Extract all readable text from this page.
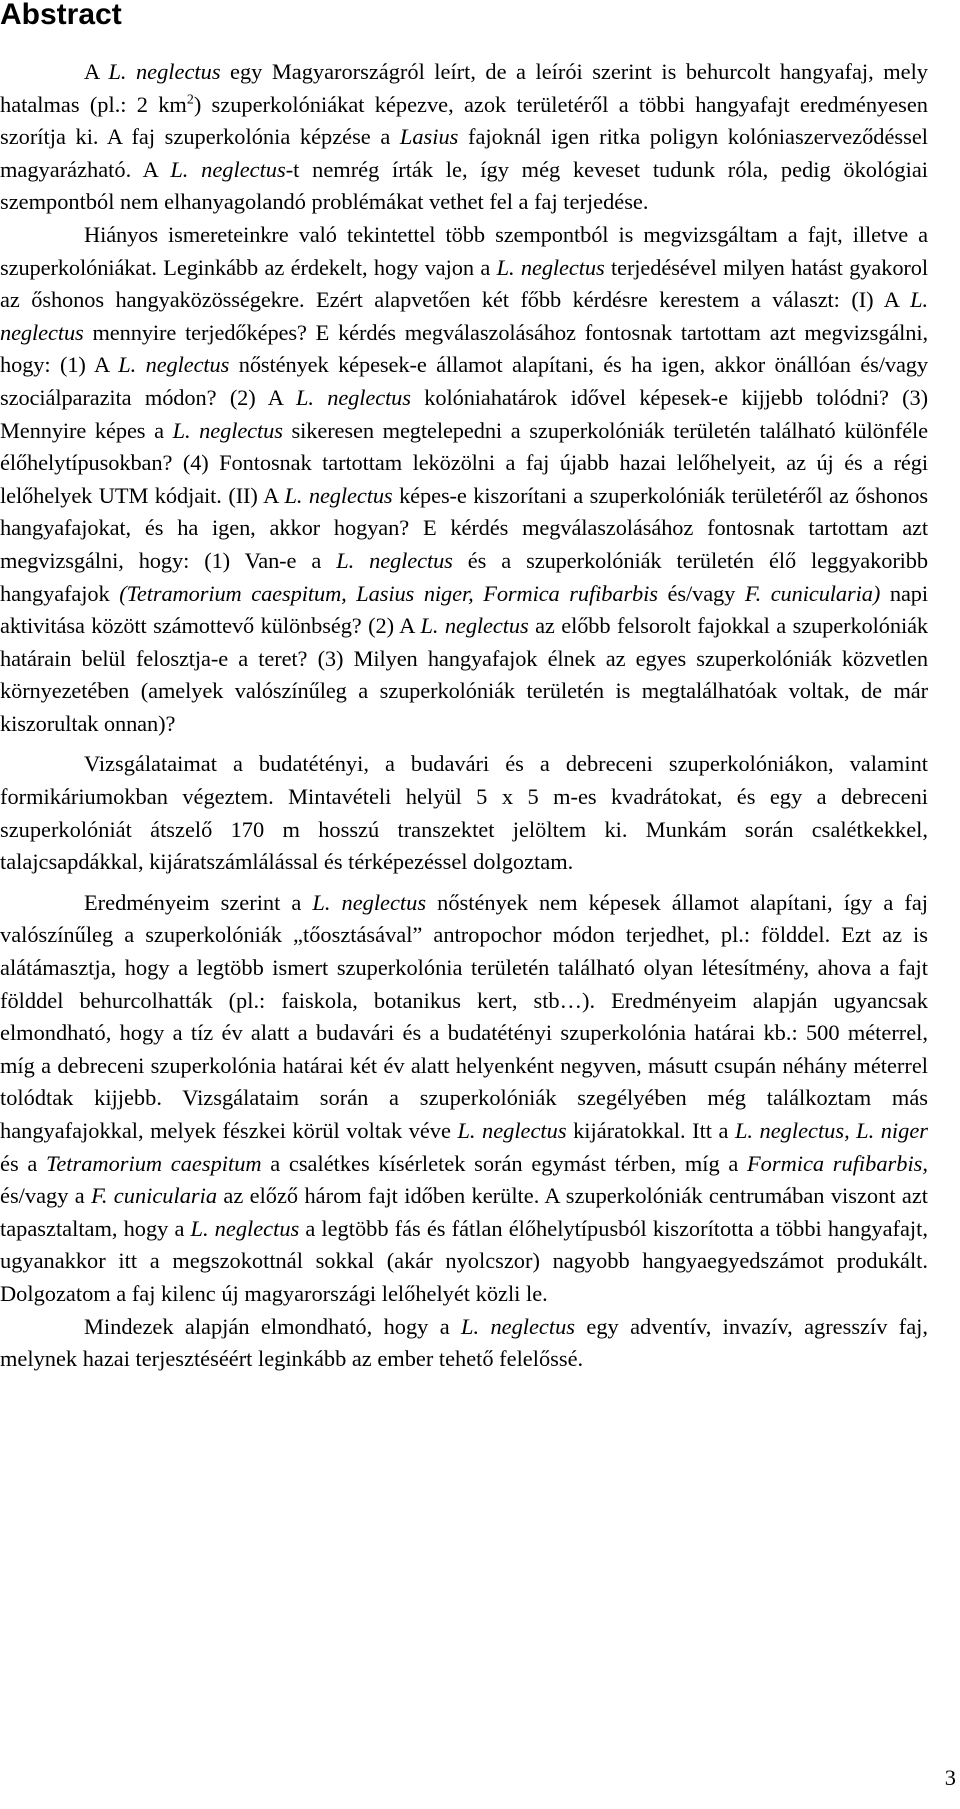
Abstract

A L. neglectus egy Magyarországról leírt, de a leírói szerint is behurcolt hangyafaj, mely hatalmas (pl.: 2 $km^2$) szuperkolóniákat képezve, azok területéről a többi hangyafajt eredményesen szorítja ki. A faj szuperkolónia képzése a Lasius fajoknál igen ritka poligyn kolóniaszerveződéssel magyarázható. A L. neglectus-t nemrég írták le, így még keveset tudunk róla, pedig ökológiai szempontból nem elhanyagolandó problémákat vethet fel a faj terjedése.

Hiányos ismereteinkre való tekintettel több szempontból is megvizsgáltam a fajt, illetve a szuperkolóniákat. Leginkább az érdekelt, hogy vajon a L. neglectus terjedésével milyen hatást gyakorol az őshonos hangyaközösségekre. Ezért alapvetően két főbb kérdésre kerestem a választ: (I) A L. neglectus mennyire terjedőképes? E kérdés megválaszolásához fontosnak tartottam azt megvizsgálni, hogy: (1) A L. neglectus nőstények képesek-e államot alapítani, és ha igen, akkor önállóan és/vagy szociálparazita módon? (2) A L. neglectus kolóniahatárok idővel képesek-e kijjebb tolódni? (3) Mennyire képes a L. neglectus sikeresen megtelepedni a szuperkolóniák területén található különféle élőhelytípusokban? (4) Fontosnak tartottam leközölni a faj újabb hazai lelőhelyeit, az új és a régi lelőhelyek UTM kódjait. (II) A L. neglectus képes-e kiszorítani a szuperkolóniák területéről az őshonos hangyafajokat, és ha igen, akkor hogyan? E kérdés megválaszolásához fontosnak tartottam azt megvizsgálni, hogy: (1) Van-e a L. neglectus és a szuperkolóniák területén élő leggyakoribb hangyafajok (Tetramorium caespitum, Lasius niger, Formica rufibarbis és/vagy F. cunicularia) napi aktivitása között számottevő különbség? (2) A L. neglectus az előbb felsorolt fajokkal a szuperkolóniák határain belül felosztja-e a teret? (3) Milyen hangyafajok élnek az egyes szuperkolóniák közvetlen környezetében (amelyek valószínűleg a szuperkolóniák területén is megtalálhatóak voltak, de már kiszorultak onnan)?

Vizsgálataimat a budatétényi, a budavári és a debreceni szuperkolóniákon, valamint formikáriumokban végeztem. Mintavételi helyül 5 x 5 m-es kvadrátokat, és egy a debreceni szuperkolóniát átszelő 170 m hosszú transzektet jelöltem ki. Munkám során csalétkekkel, talajcsapdákkal, kijáratszámlálással és térképezéssel dolgoztam.

Eredményeim szerint a L. neglectus nőstények nem képesek államot alapítani, így a faj valószínűleg a szuperkolóniák „tőosztásával” antropochor módon terjedhet, pl.: földdel. Ezt az is alátámasztja, hogy a legtöbb ismert szuperkolónia területén található olyan létesítmény, ahova a fajt földdel behurcolhatták (pl.: faiskola, botanikus kert, stb…). Eredményeim alapján ugyancsak elmondható, hogy a tíz év alatt a budavári és a budatétényi szuperkolónia határai kb.: 500 méterrel, míg a debreceni szuperkolónia határai két év alatt helyenként negyven, másutt csupán néhány méterrel tolódtak kijjebb. Vizsgálataim során a szuperkolóniák szegélyében még találkoztam más hangyafajokkal, melyek fészkei körül voltak véve L. neglectus kijáratokkal. Itt a L. neglectus, L. niger és a Tetramorium caespitum a csalétkes kísérletek során egymást térben, míg a Formica rufibarbis, és/vagy a F. cunicularia az előző három fajt időben kerülte. A szuperkolóniák centrumában viszont azt tapasztaltam, hogy a L. neglectus a legtöbb fás és fátlan élőhelytípusból kiszorította a többi hangyafajt, ugyanakkor itt a megszokottnál sokkal (akár nyolcszor) nagyobb hangyaegyedszámot produkált. Dolgozatom a faj kilenc új magyarországi lelőhelyét közli le.

Mindezek alapján elmondható, hogy a L. neglectus egy adventív, invazív, agresszív faj, melynek hazai terjesztéséért leginkább az ember tehető felelőssé.

3
